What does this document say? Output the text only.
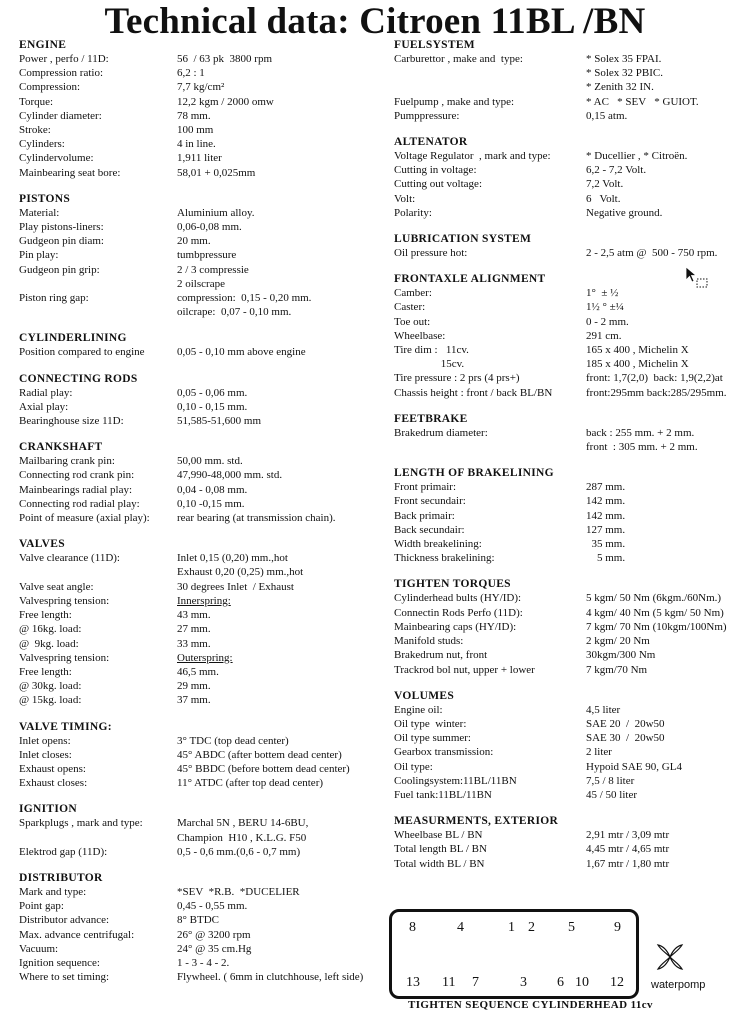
Technical data: Citroen 11BL /BN
ENGINE
Power , perfo / 11D:	56  / 63 pk  3800 rpm
Compression ratio:	6,2 : 1
Compression:	7,7 kg/cm²
Torque:	12,2 kgm / 2000 omw
Cylinder diameter:	78 mm.
Stroke:	100 mm
Cylinders:	4 in line.
Cylindervolume:	1,911 liter
Mainbearing seat bore:	58,01 + 0,025mm
PISTONS
Material:	Aluminium alloy.
Play pistons-liners:	0,06-0,08 mm.
Gudgeon pin diam:	20 mm.
Pin play:	tumbpressure
Gudgeon pin grip:	2 / 3 compressie
2 oilscrape
Piston ring gap:	compression:  0,15 - 0,20 mm.
oilcrape:  0,07 - 0,10 mm.
CYLINDERLINING
Position compared to engine	0,05 - 0,10 mm above engine
CONNECTING RODS
Radial play:	0,05 - 0,06 mm.
Axial play:	0,10 - 0,15 mm.
Bearinghouse size 11D:	51,585-51,600 mm
CRANKSHAFT
Mailbaring crank pin:	50,00 mm. std.
Connecting rod crank pin:	47,990-48,000 mm. std.
Mainbearings radial play:	0,04 - 0,08 mm.
Connecting rod radial play:	0,10 -0,15 mm.
Point of measure (axial play):	rear bearing (at transmission chain).
VALVES
Valve clearance (11D):	Inlet 0,15 (0,20) mm.,hot
Exhaust 0,20 (0,25) mm.,hot
Valve seat angle:	30 degrees Inlet  / Exhaust
Valvespring tension:	Innerspring:
Free length:	43 mm.
@ 16kg. load:	27 mm.
@  9kg. load:	33 mm.
Valvespring tension:	Outerspring:
Free length:	46,5 mm.
@ 30kg. load:	29 mm.
@ 15kg. load:	37 mm.
VALVE TIMING:
Inlet opens:	3° TDC (top dead center)
Inlet closes:	45° ABDC (after bottem dead center)
Exhaust opens:	45° BBDC (before bottem dead center)
Exhaust closes:	11° ATDC (after top dead center)
IGNITION
Sparkplugs , mark and type:	Marchal 5N , BERU 14-6BU,
Champion  H10 , K.L.G. F50
Elektrod gap (11D):	0,5 - 0,6 mm.(0,6 - 0,7 mm)
DISTRIBUTOR
Mark and type:	*SEV  *R.B.  *DUCELIER
Point gap:	0,45 - 0,55 mm.
Distributor advance:	8° BTDC
Max. advance centrifugal:	26° @ 3200 rpm
Vacuum:	24° @ 35 cm.Hg
Ignition sequence:	1 - 3 - 4 - 2.
Where to set timing:	Flywheel. ( 6mm in clutchhouse, left side)
FUELSYSTEM
Carburettor , make and  type:	* Solex 35 FPAI.
* Solex 32 PBIC.
* Zenith 32 IN.
Fuelpump , make and type:	* AC   * SEV   * GUIOT.
Pumppressure:	0,15 atm.
ALTENATOR
Voltage Regulator  , mark and type:	* Ducellier , * Citroën.
Cutting in voltage:	6,2 - 7,2 Volt.
Cutting out voltage:	7,2 Volt.
Volt:	6   Volt.
Polarity:	Negative ground.
LUBRICATION SYSTEM
Oil pressure hot:	2 - 2,5 atm @  500 - 750 rpm.
FRONTAXLE ALIGNMENT
Camber:	1°  ± ½
Caster:	1½ ° ±¼
Toe out:	0 - 2 mm.
Wheelbase:	291 cm.
Tire dim :   11cv.	165 x 400 , Michelin X
15cv.	185 x 400 , Michelin X
Tire pressure : 2 prs (4 prs+)	front: 1,7(2,0)  back: 1,9(2,2)at
Chassis height : front / back BL/BN	front:295mm back:285/295mm.
FEETBRAKE
Brakedrum diameter:	back : 255 mm. + 2 mm.
front  : 305 mm. + 2 mm.
LENGTH OF BRAKELINING
Front primair:	287 mm.
Front secundair:	142 mm.
Back primair:	142 mm.
Back secundair:	127 mm.
Width breakelining:	35 mm.
Thickness brakelining:	5 mm.
TIGHTEN TORQUES
Cylinderhead bults (HY/ID):	5 kgm/ 50 Nm (6kgm./60Nm.)
Connectin Rods Perfo (11D):	4 kgm/ 40 Nm (5 kgm/ 50 Nm)
Mainbearing caps (HY/ID):	7 kgm/ 70 Nm (10kgm/100Nm)
Manifold studs:	2 kgm/ 20 Nm
Brakedrum nut, front	30kgm/300 Nm
Trackrod bol nut, upper + lower	7 kgm/70 Nm
VOLUMES
Engine oil:	4,5 liter
Oil type  winter:	SAE 20  /  20w50
Oil type summer:	SAE 30  /  20w50
Gearbox transmission:	2 liter
Oil type:	Hypoid SAE 90, GL4
Coolingsystem:11BL/11BN	7,5 / 8 liter
Fuel tank:11BL/11BN	45 / 50 liter
MEASURMENTS, EXTERIOR
Wheelbase BL / BN	2,91 mtr / 3,09 mtr
Total length BL / BN	4,45 mtr / 4,65 mtr
Total width BL / BN	1,67 mtr / 1,80 mtr
8	4	1 2 5	9
13 11 7	3 6 10 12
TIGHTEN SEQUENCE CYLINDERHEAD 11cv
waterpomp
